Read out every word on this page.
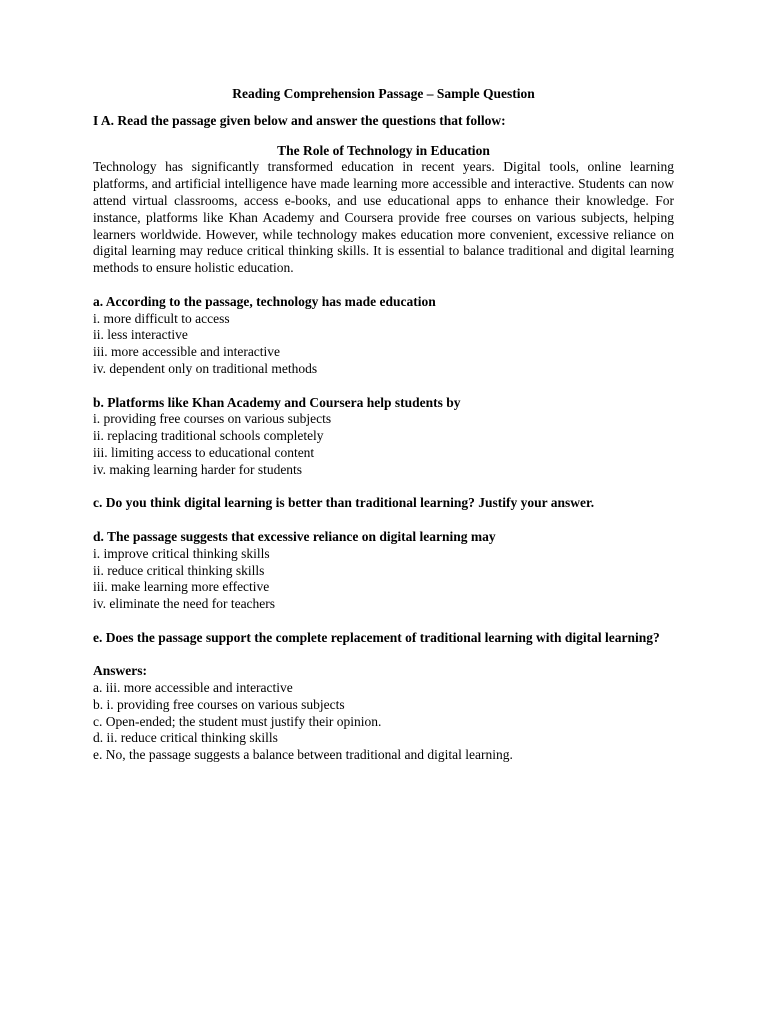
Reading Comprehension Passage – Sample Question
I A. Read the passage given below and answer the questions that follow:
The Role of Technology in Education
Technology has significantly transformed education in recent years. Digital tools, online learning platforms, and artificial intelligence have made learning more accessible and interactive. Students can now attend virtual classrooms, access e-books, and use educational apps to enhance their knowledge. For instance, platforms like Khan Academy and Coursera provide free courses on various subjects, helping learners worldwide. However, while technology makes education more convenient, excessive reliance on digital learning may reduce critical thinking skills. It is essential to balance traditional and digital learning methods to ensure holistic education.
a. According to the passage, technology has made education
i. more difficult to access
ii. less interactive
iii. more accessible and interactive
iv. dependent only on traditional methods
b. Platforms like Khan Academy and Coursera help students by
i. providing free courses on various subjects
ii. replacing traditional schools completely
iii. limiting access to educational content
iv. making learning harder for students
c. Do you think digital learning is better than traditional learning? Justify your answer.
d. The passage suggests that excessive reliance on digital learning may
i. improve critical thinking skills
ii. reduce critical thinking skills
iii. make learning more effective
iv. eliminate the need for teachers
e. Does the passage support the complete replacement of traditional learning with digital learning?
Answers:
a. iii. more accessible and interactive
b. i. providing free courses on various subjects
c. Open-ended; the student must justify their opinion.
d. ii. reduce critical thinking skills
e. No, the passage suggests a balance between traditional and digital learning.
